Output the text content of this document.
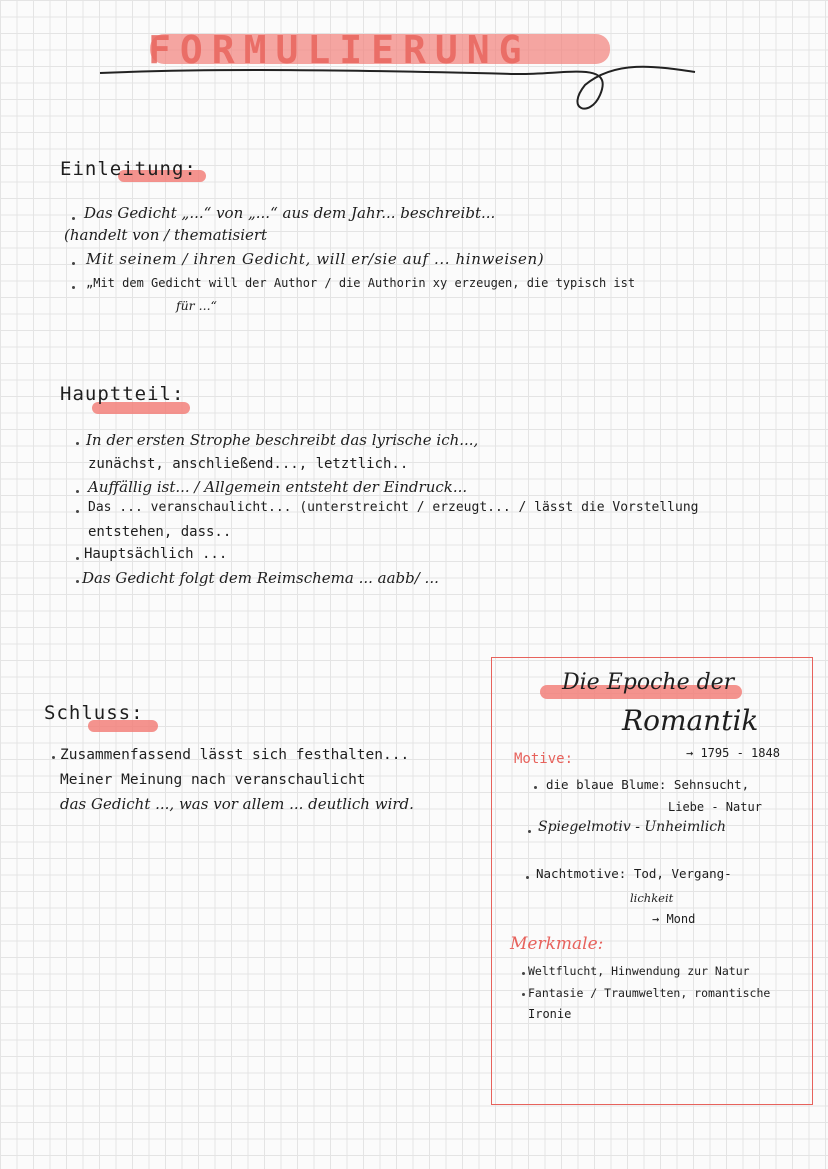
FORMULIERUNG
Einleitung:
Das Gedicht „...“ von „...“ aus dem Jahr... beschreibt...
(handelt von / thematisiert
Mit seinem / ihren Gedicht, will er/sie auf ... hinweisen)
„Mit dem Gedicht will der Author / die Authorin xy erzeugen, die typisch ist
für ...“
Hauptteil:
In der ersten Strophe beschreibt das lyrische ich...,
zunächst, anschließend..., letztlich..
Auffällig ist... / Allgemein entsteht der Eindruck...
Das ... veranschaulicht... (unterstreicht / erzeugt... / lässt die Vorstellung
entstehen, dass..
Hauptsächlich ...
Das Gedicht folgt dem Reimschema ... aabb/ ...
Schluss:
Zusammenfassend lässt sich festhalten...
Meiner Meinung nach veranschaulicht
das Gedicht ..., was vor allem ... deutlich wird.
Die Epoche der
Romantik
→ 1795 - 1848
Motive:
die blaue Blume: Sehnsucht,
Liebe - Natur
Spiegelmotiv - Unheimlich
Nachtmotive: Tod, Vergang-
lichkeit
→ Mond
Merkmale:
Weltflucht, Hinwendung zur Natur
Fantasie / Traumwelten, romantische
Ironie
